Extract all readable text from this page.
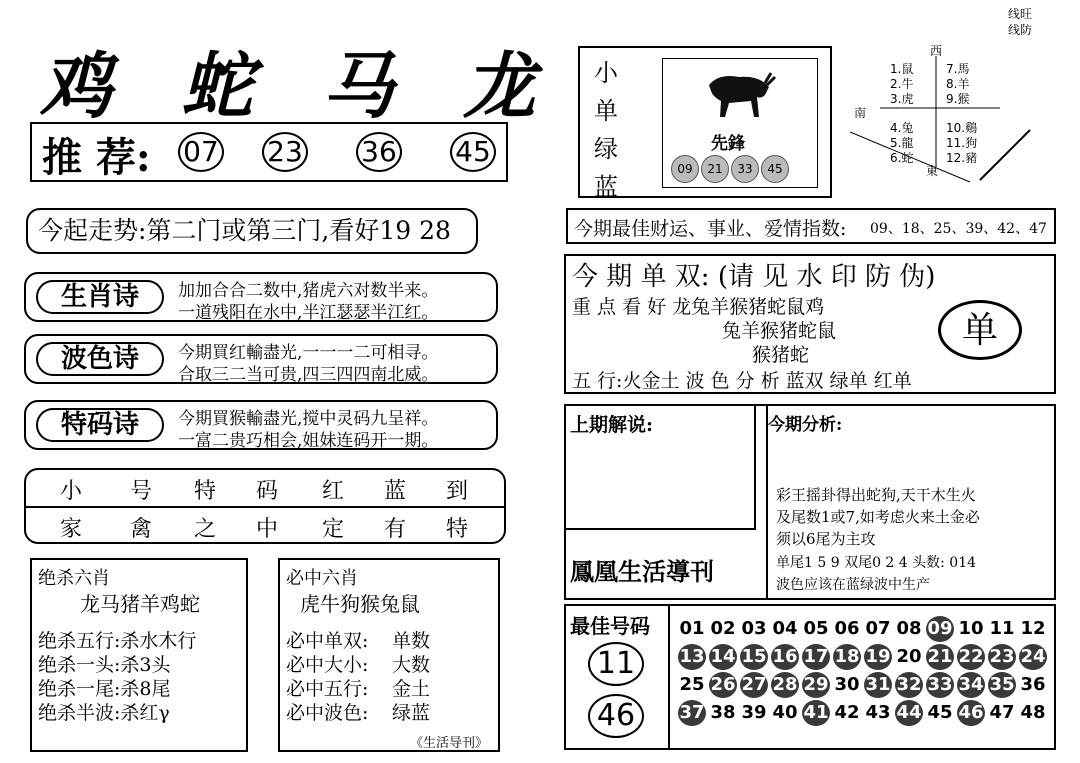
鸡 蛇 马 龙
推 荐: 07 23 36 45
今起走势:第二门或第三门,看好19 28
生肖诗	加加合合二数中,猪虎六对数半来。
一道残阳在水中,半江瑟瑟半江红。
波色诗	今期買红輸盡光,一一一二可相寻。
合取三二当可贵,四三四四南北威。
特码诗	今期買猴輸盡光,搅中灵码九呈祥。
一富二贵巧相会,姐妹连码开一期。
小 号 特 码 红 蓝 到
家 禽 之 中 定 有 特
绝杀六肖
龙马猪羊鸡蛇
绝杀五行:杀水木行
绝杀一头:杀3头
绝杀一尾:杀8尾
绝杀半波:杀红γ
必中六肖
虎牛狗猴兔鼠
必中单双: 单数
必中大小: 大数
必中五行: 金土
必中波色: 绿蓝
《生活导刊》
线旺
线防
小
单
绿
蓝
先鋒
09	21	33	45
西
南
東
1.鼠
2.牛
3.虎
4.兔
5.龍
6.蛇
7.馬
8.羊
9.猴
10.鷄
11.狗
12.豬
今期最佳财运、事业、爱情指数: 09、18、25、39、42、47
今 期 单 双: (请 见 水 印 防 伪)
重 点 看 好 龙兔羊猴猪蛇鼠鸡
兔羊猴猪蛇鼠
猴猪蛇
单
五 行:火金土 波 色 分 析 蓝双 绿单 红单
上期解说:	今期分析:
彩王摇卦得出蛇狗,天干木生火
及尾数1或7,如考虑火来土金必
须以6尾为主攻
鳳凰生活導刊	单尾1 5 9 双尾0 2 4 头数: 014
波色应该在蓝绿波中生产
最佳号码
11
46
01 02 03 04 05 06 07 08 09 10 11 12
13 14 15 16 17 18 19 20 21 22 23 24
25 26 27 28 29 30 31 32 33 34 35 36
37 38 39 40 41 42 43 44 45 46 47 48
